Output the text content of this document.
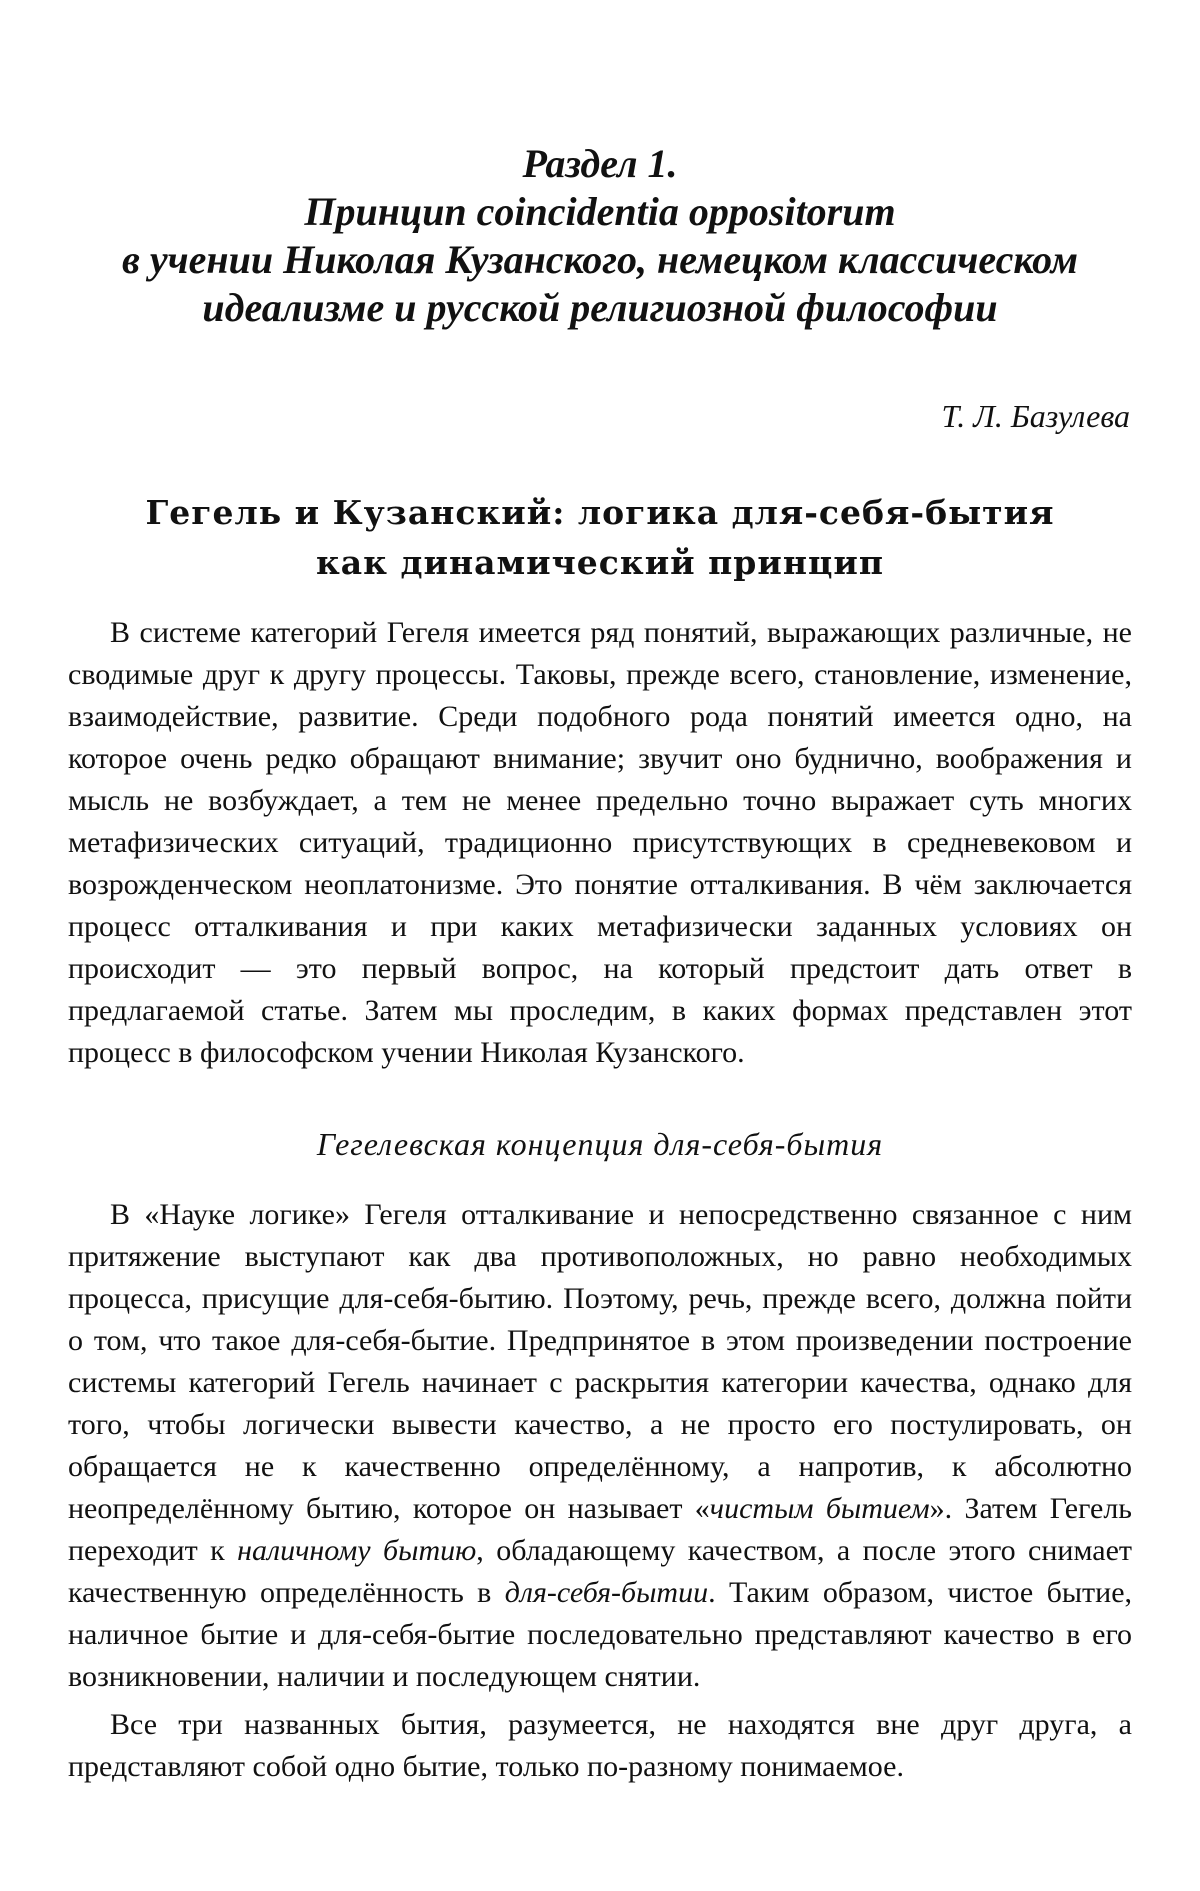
Раздел 1.
Принцип coincidentia oppositorum
в учении Николая Кузанского, немецком классическом
идеализме и русской религиозной философии
Т. Л. Базулева
Гегель и Кузанский: логика для-себя-бытия
как динамический принцип

В системе категорий Гегеля имеется ряд понятий, выражающих различные, не сводимые друг к другу процессы. Таковы, прежде всего, становление, изменение, взаимодействие, развитие. Среди подобного рода понятий имеется одно, на которое очень редко обращают внимание; звучит оно буднично, воображения и мысль не возбуждает, а тем не менее предельно точно выражает суть многих метафизических ситуаций, традиционно присутствующих в средневековом и возрожденческом неоплатонизме. Это понятие отталкивания. В чём заключается процесс отталкивания и при каких метафизически заданных условиях он происходит — это первый вопрос, на который предстоит дать ответ в предлагаемой статье. Затем мы проследим, в каких формах представлен этот процесс в философском учении Николая Кузанского.

Гегелевская концепция для-себя-бытия

В «Науке логике» Гегеля отталкивание и непосредственно связанное с ним притяжение выступают как два противоположных, но равно необходимых процесса, присущие для-себя-бытию. Поэтому, речь, прежде всего, должна пойти о том, что такое для-себя-бытие. Предпринятое в этом произведении построение системы категорий Гегель начинает с раскрытия категории качества, однако для того, чтобы логически вывести качество, а не просто его постулировать, он обращается не к качественно определённому, а напротив, к абсолютно неопределённому бытию, которое он называет «чистым бытием». Затем Гегель переходит к наличному бытию, обладающему качеством, а после этого снимает качественную определённость в для-себя-бытии. Таким образом, чистое бытие, наличное бытие и для-себя-бытие последовательно представляют качество в его возникновении, наличии и последующем снятии.

Все три названных бытия, разумеется, не находятся вне друг друга, а представляют собой одно бытие, только по-разному понимаемое.
